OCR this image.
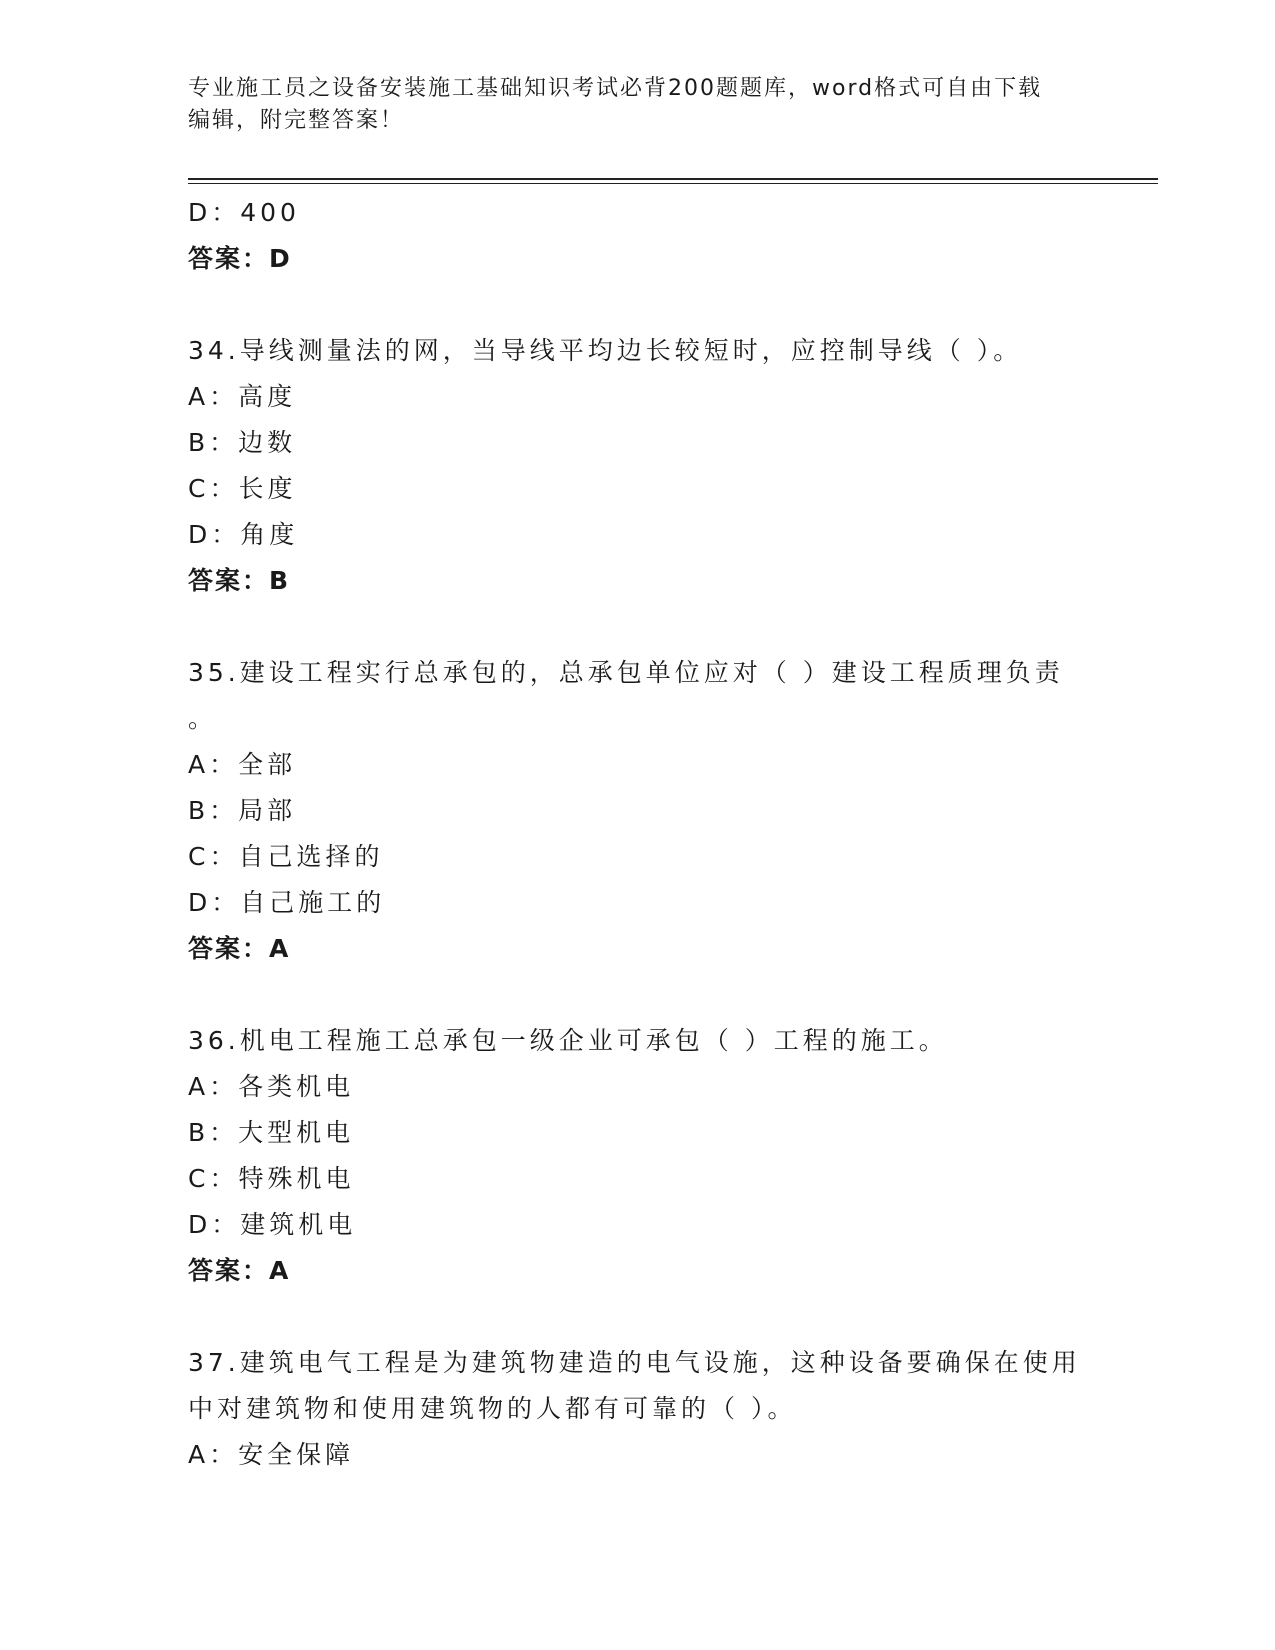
专业施工员之设备安装施工基础知识考试必背200题题库，word格式可自由下载
编辑，附完整答案！
D：400
答案：D
34.导线测量法的网，当导线平均边长较短时，应控制导线（ ）。
A：高度
B：边数
C：长度
D：角度
答案：B
35.建设工程实行总承包的，总承包单位应对（ ）建设工程质理负责
。
A：全部
B：局部
C：自己选择的
D：自己施工的
答案：A
36.机电工程施工总承包一级企业可承包（ ）工程的施工。
A：各类机电
B：大型机电
C：特殊机电
D：建筑机电
答案：A
37.建筑电气工程是为建筑物建造的电气设施，这种设备要确保在使用
中对建筑物和使用建筑物的人都有可靠的（ ）。
A：安全保障
